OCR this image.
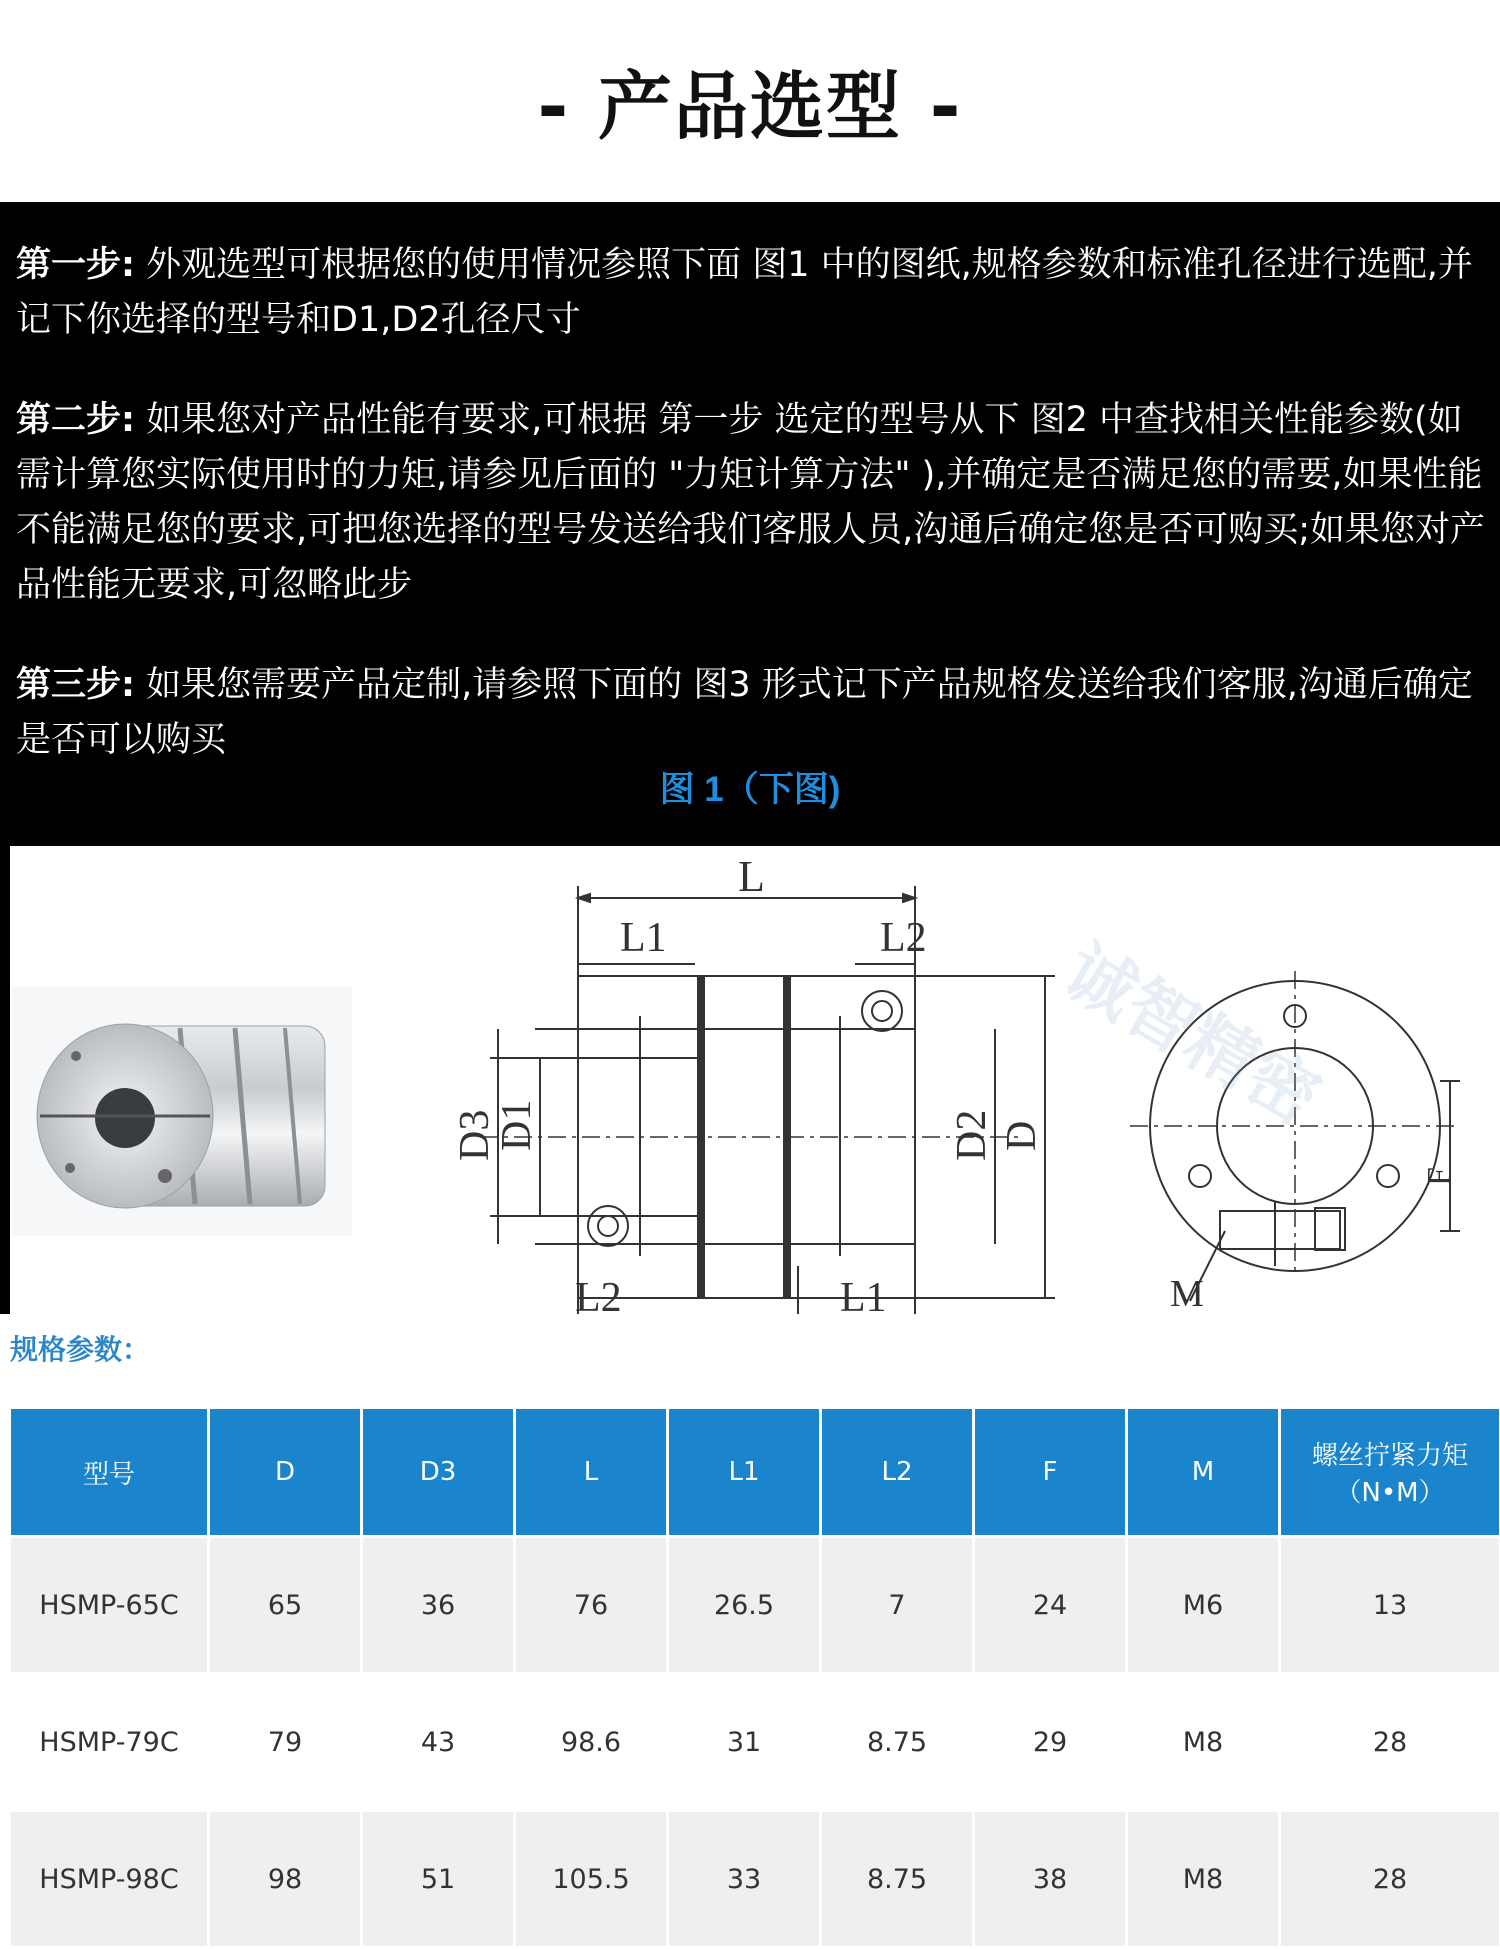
- 产品选型 -

第一步: 外观选型可根据您的使用情况参照下面 图1 中的图纸,规格参数和标准孔径进行选配,并记下你选择的型号和D1,D2孔径尺寸

第二步: 如果您对产品性能有要求,可根据 第一步 选定的型号从下 图2 中查找相关性能参数(如需计算您实际使用时的力矩,请参见后面的 "力矩计算方法" ),并确定是否满足您的需要,如果性能不能满足您的要求,可把您选择的型号发送给我们客服人员,沟通后确定您是否可购买;如果您对产品性能无要求,可忽略此步

第三步: 如果您需要产品定制,请参照下面的 图3 形式记下产品规格发送给我们客服,沟通后确定是否可以购买

图 1（下图)
L
L1	L2
D3
D1	D2 D
L2	L1
F
M
诚智精密
规格参数：
型号	D	D3	L	L1	L2	F	M	螺丝拧紧力矩
（N•M）
HSMP-65C	65	36	76	26.5	7	24	M6	13
HSMP-79C	79	43	98.6	31	8.75	29	M8	28
HSMP-98C	98	51	105.5	33	8.75	38	M8	28
